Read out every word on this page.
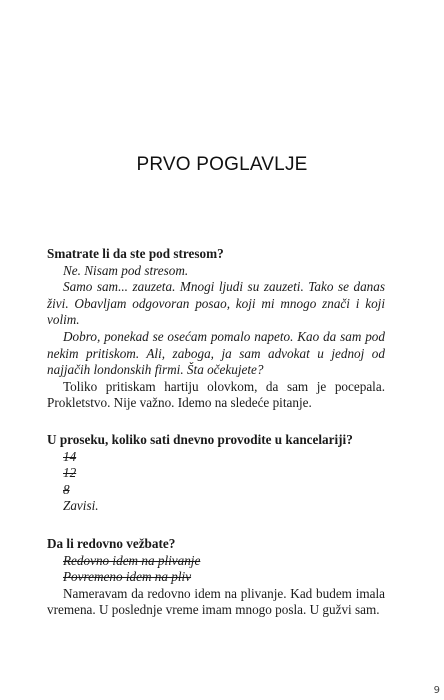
PRVO POGLAVLJE
Smatrate li da ste pod stresom?
Ne. Nisam pod stresom.
Samo sam... zauzeta. Mnogi ljudi su zauzeti. Tako se danas živi. Obavljam odgovoran posao, koji mi mnogo znači i koji volim.
Dobro, ponekad se osećam pomalo napeto. Kao da sam pod nekim pritiskom. Ali, zaboga, ja sam advokat u jednoj od najjačih londonskih firmi. Šta očekujete?
Toliko pritiskam hartiju olovkom, da sam je pocepala. Prokletstvo. Nije važno. Idemo na sledeće pitanje.
U proseku, koliko sati dnevno provodite u kancelariji?
14
12
8
Zavisi.
Da li redovno vežbate?
Redovno idem na plivanje
Povremeno idem na pliv
Nameravam da redovno idem na plivanje. Kad budem imala vremena. U poslednje vreme imam mnogo posla. U gužvi sam.
9
